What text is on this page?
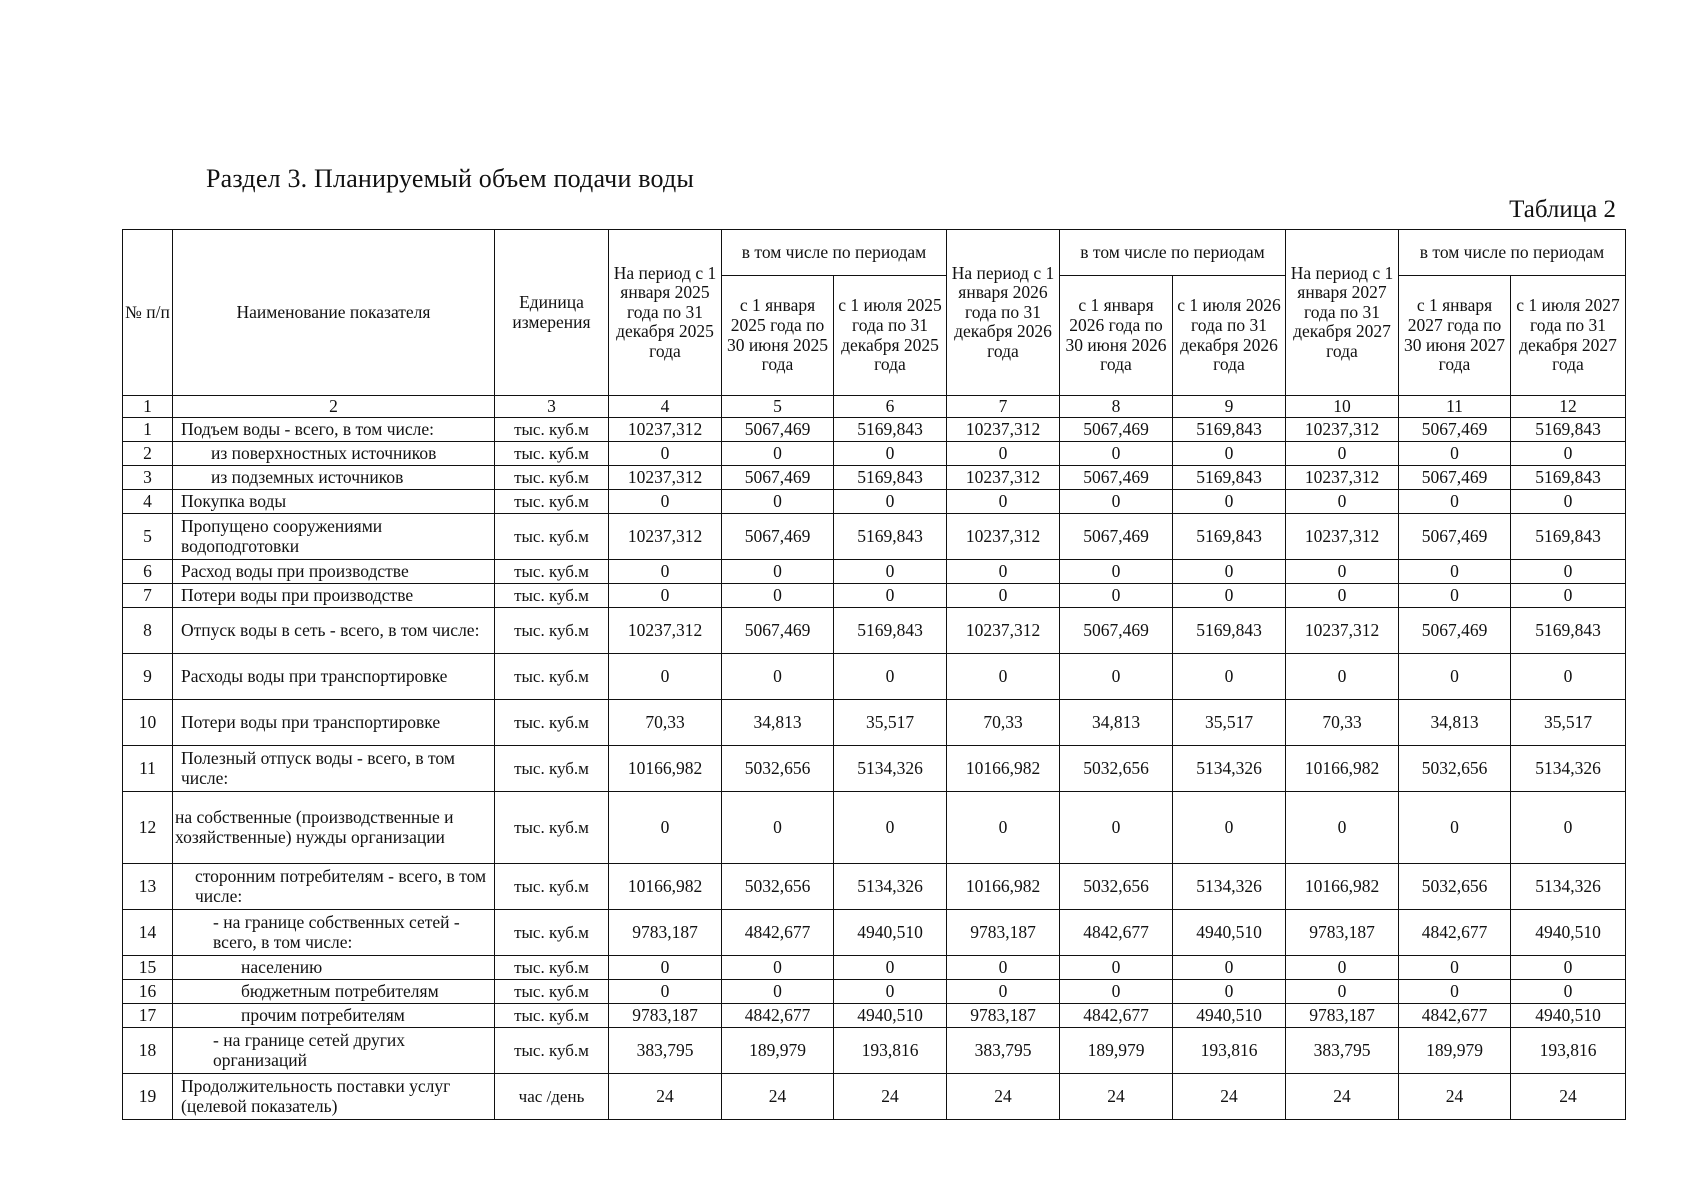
Раздел 3. Планируемый объем подачи воды
Таблица 2
№ п/п	Наименование показателя	Единица измерения	На период с 1 января 2025 года по 31 декабря 2025 года	в том числе по периодам		На период с 1 января 2026 года по 31 декабря 2026 года	в том числе по периодам		На период с 1 января 2027 года по 31 декабря 2027 года	в том числе по периодам	
				с 1 января 2025 года по 30 июня 2025 года	с 1 июля 2025 года по 31 декабря 2025 года		с 1 января 2026 года по 30 июня 2026 года	с 1 июля 2026 года по 31 декабря 2026 года		с 1 января 2027 года по 30 июня 2027 года	с 1 июля 2027 года по 31 декабря 2027 года
1	2	3	4	5	6	7	8	9	10	11	12
1	Подъем воды - всего, в том числе:	тыс. куб.м	10237,312	5067,469	5169,843	10237,312	5067,469	5169,843	10237,312	5067,469	5169,843
2	из поверхностных источников	тыс. куб.м	0	0	0	0	0	0	0	0	0
3	из подземных источников	тыс. куб.м	10237,312	5067,469	5169,843	10237,312	5067,469	5169,843	10237,312	5067,469	5169,843
4	Покупка воды	тыс. куб.м	0	0	0	0	0	0	0	0	0
5	Пропущено сооружениями водоподготовки	тыс. куб.м	10237,312	5067,469	5169,843	10237,312	5067,469	5169,843	10237,312	5067,469	5169,843
6	Расход воды при производстве	тыс. куб.м	0	0	0	0	0	0	0	0	0
7	Потери воды при производстве	тыс. куб.м	0	0	0	0	0	0	0	0	0
8	Отпуск воды в сеть - всего, в том числе:	тыс. куб.м	10237,312	5067,469	5169,843	10237,312	5067,469	5169,843	10237,312	5067,469	5169,843
9	Расходы воды при транспортировке	тыс. куб.м	0	0	0	0	0	0	0	0	0
10	Потери воды при транспортировке	тыс. куб.м	70,33	34,813	35,517	70,33	34,813	35,517	70,33	34,813	35,517
11	Полезный отпуск воды - всего, в том числе:	тыс. куб.м	10166,982	5032,656	5134,326	10166,982	5032,656	5134,326	10166,982	5032,656	5134,326
12	на собственные (производственные и хозяйственные) нужды организации	тыс. куб.м	0	0	0	0	0	0	0	0	0
13	сторонним потребителям - всего, в том числе:	тыс. куб.м	10166,982	5032,656	5134,326	10166,982	5032,656	5134,326	10166,982	5032,656	5134,326
14	- на границе собственных сетей - всего, в том числе:	тыс. куб.м	9783,187	4842,677	4940,510	9783,187	4842,677	4940,510	9783,187	4842,677	4940,510
15	населению	тыс. куб.м	0	0	0	0	0	0	0	0	0
16	бюджетным потребителям	тыс. куб.м	0	0	0	0	0	0	0	0	0
17	прочим потребителям	тыс. куб.м	9783,187	4842,677	4940,510	9783,187	4842,677	4940,510	9783,187	4842,677	4940,510
18	- на границе сетей других организаций	тыс. куб.м	383,795	189,979	193,816	383,795	189,979	193,816	383,795	189,979	193,816
19	Продолжительность поставки услуг (целевой показатель)	час /день	24	24	24	24	24	24	24	24	24
